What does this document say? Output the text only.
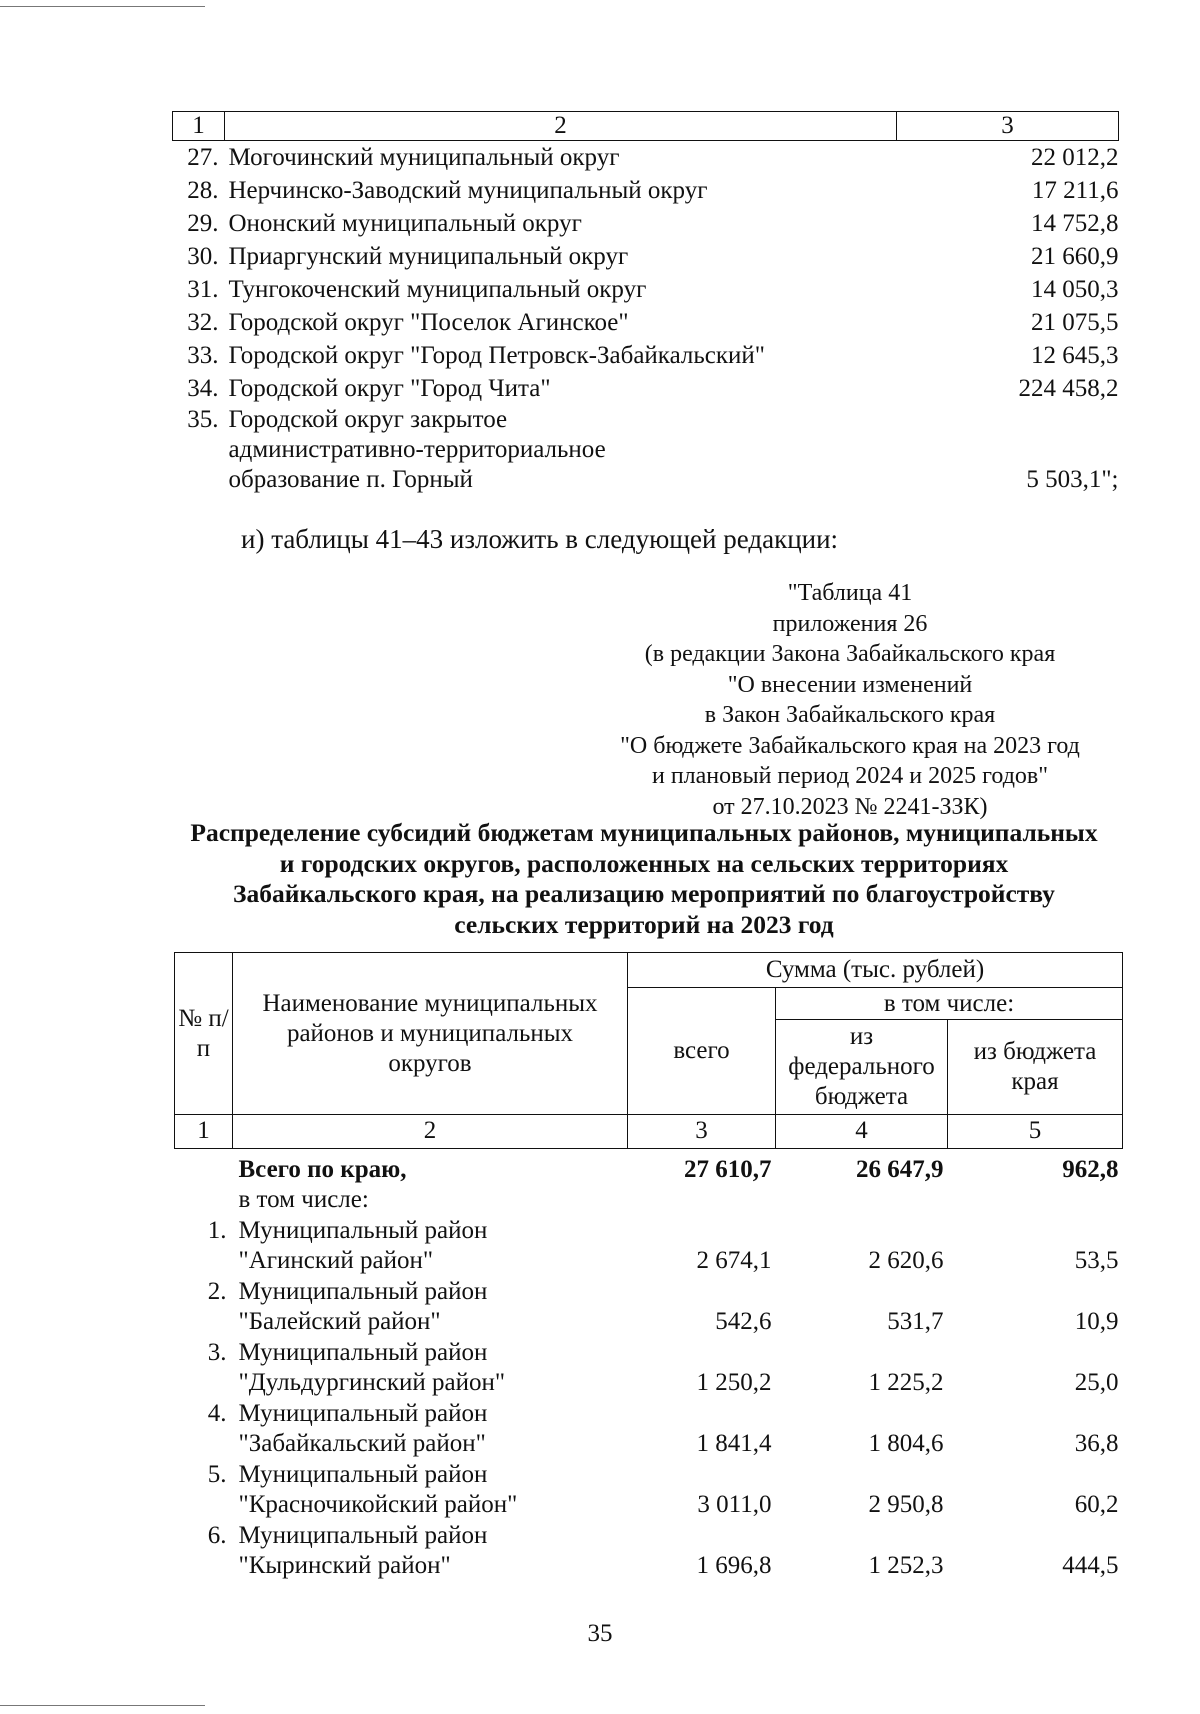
1	2	3
27.	Могочинский муниципальный округ	22 012,2
28.	Нерчинско-Заводский муниципальный округ	17 211,6
29.	Ононский муниципальный округ	14 752,8
30.	Приаргунский муниципальный округ	21 660,9
31.	Тунгокоченский муниципальный округ	14 050,3
32.	Городской округ "Поселок Агинское"	21 075,5
33.	Городской округ "Город Петровск-Забайкальский"	12 645,3
34.	Городской округ "Город Чита"	224 458,2
35.	Городской округ закрытое
административно-территориальное
образование п. Горный	5 503,1";
и) таблицы 41–43 изложить в следующей редакции:
"Таблица 41
приложения 26
(в редакции Закона Забайкальского края
"О внесении изменений
в Закон Забайкальского края
"О бюджете Забайкальского края на 2023 год
и плановый период 2024 и 2025 годов"
от 27.10.2023 № 2241-ЗЗК)
Распределение субсидий бюджетам муниципальных районов, муниципальных
и городских округов, расположенных на сельских территориях
Забайкальского края, на реализацию мероприятий по благоустройству
сельских территорий на 2023 год
№ п/п	Наименование муниципальных районов и муниципальных округов	Сумма (тыс. рублей)		
		всего	в том числе:	
			из федерального бюджета	из бюджета края
1	2	3	4	5

	Всего по краю,	27 610,7	26 647,9	962,8
	в том числе:			
1.	Муниципальный район
"Агинский район"	2 674,1	2 620,6	53,5
2.	Муниципальный район
"Балейский район"	542,6	531,7	10,9
3.	Муниципальный район
"Дульдургинский район"	1 250,2	1 225,2	25,0
4.	Муниципальный район
"Забайкальский район"	1 841,4	1 804,6	36,8
5.	Муниципальный район
"Красночикойский район"	3 011,0	2 950,8	60,2
6.	Муниципальный район
"Кыринский район"	1 696,8	1 252,3	444,5
35
